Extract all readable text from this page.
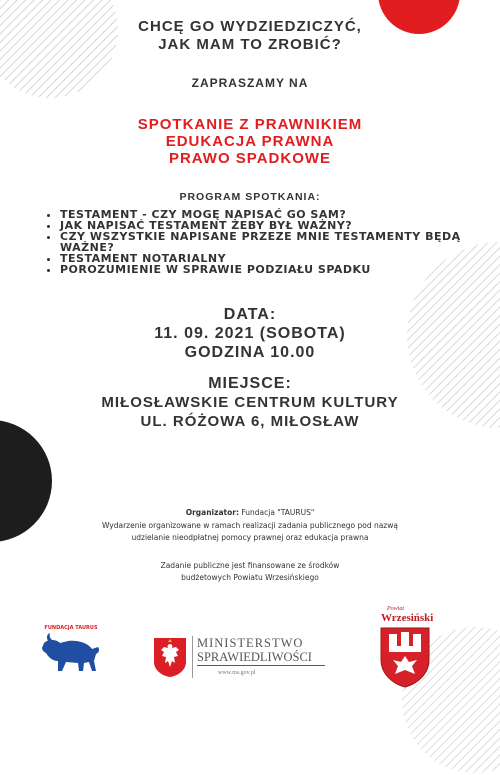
CHCĘ GO WYDZIEDZICZYĆ,
JAK MAM TO ZROBIĆ?
ZAPRASZAMY NA
SPOTKANIE Z PRAWNIKIEM
EDUKACJA PRAWNA
PRAWO SPADKOWE
PROGRAM SPOTKANIA:
• TESTAMENT - CZY MOGĘ NAPISAĆ GO SAM?
• JAK NAPISAĆ TESTAMENT ŻEBY BYŁ WAŻNY?
• CZY WSZYSTKIE NAPISANE PRZEZE MNIE TESTAMENTY BĘDĄ WAŻNE?
• TESTAMENT NOTARIALNY
• POROZUMIENIE W SPRAWIE PODZIAŁU SPADKU
DATA:
11. 09. 2021 (SOBOTA)
GODZINA 10.00
MIEJSCE:
MIŁOSŁAWSKIE CENTRUM KULTURY
UL. RÓŻOWA 6, MIŁOSŁAW
Organizator: Fundacja "TAURUS"
Wydarzenie organizowane w ramach realizacji zadania publicznego pod nazwą
udzielanie nieodpłatnej pomocy prawnej oraz edukacja prawna
Zadanie publiczne jest finansowane ze środków
budżetowych Powiatu Wrzesińskiego
FUNDACJA TAURUS
MINISTERSTWO
SPRAWIEDLIWOŚCI
www.ms.gov.pl
Powiat
Wrzesiński
